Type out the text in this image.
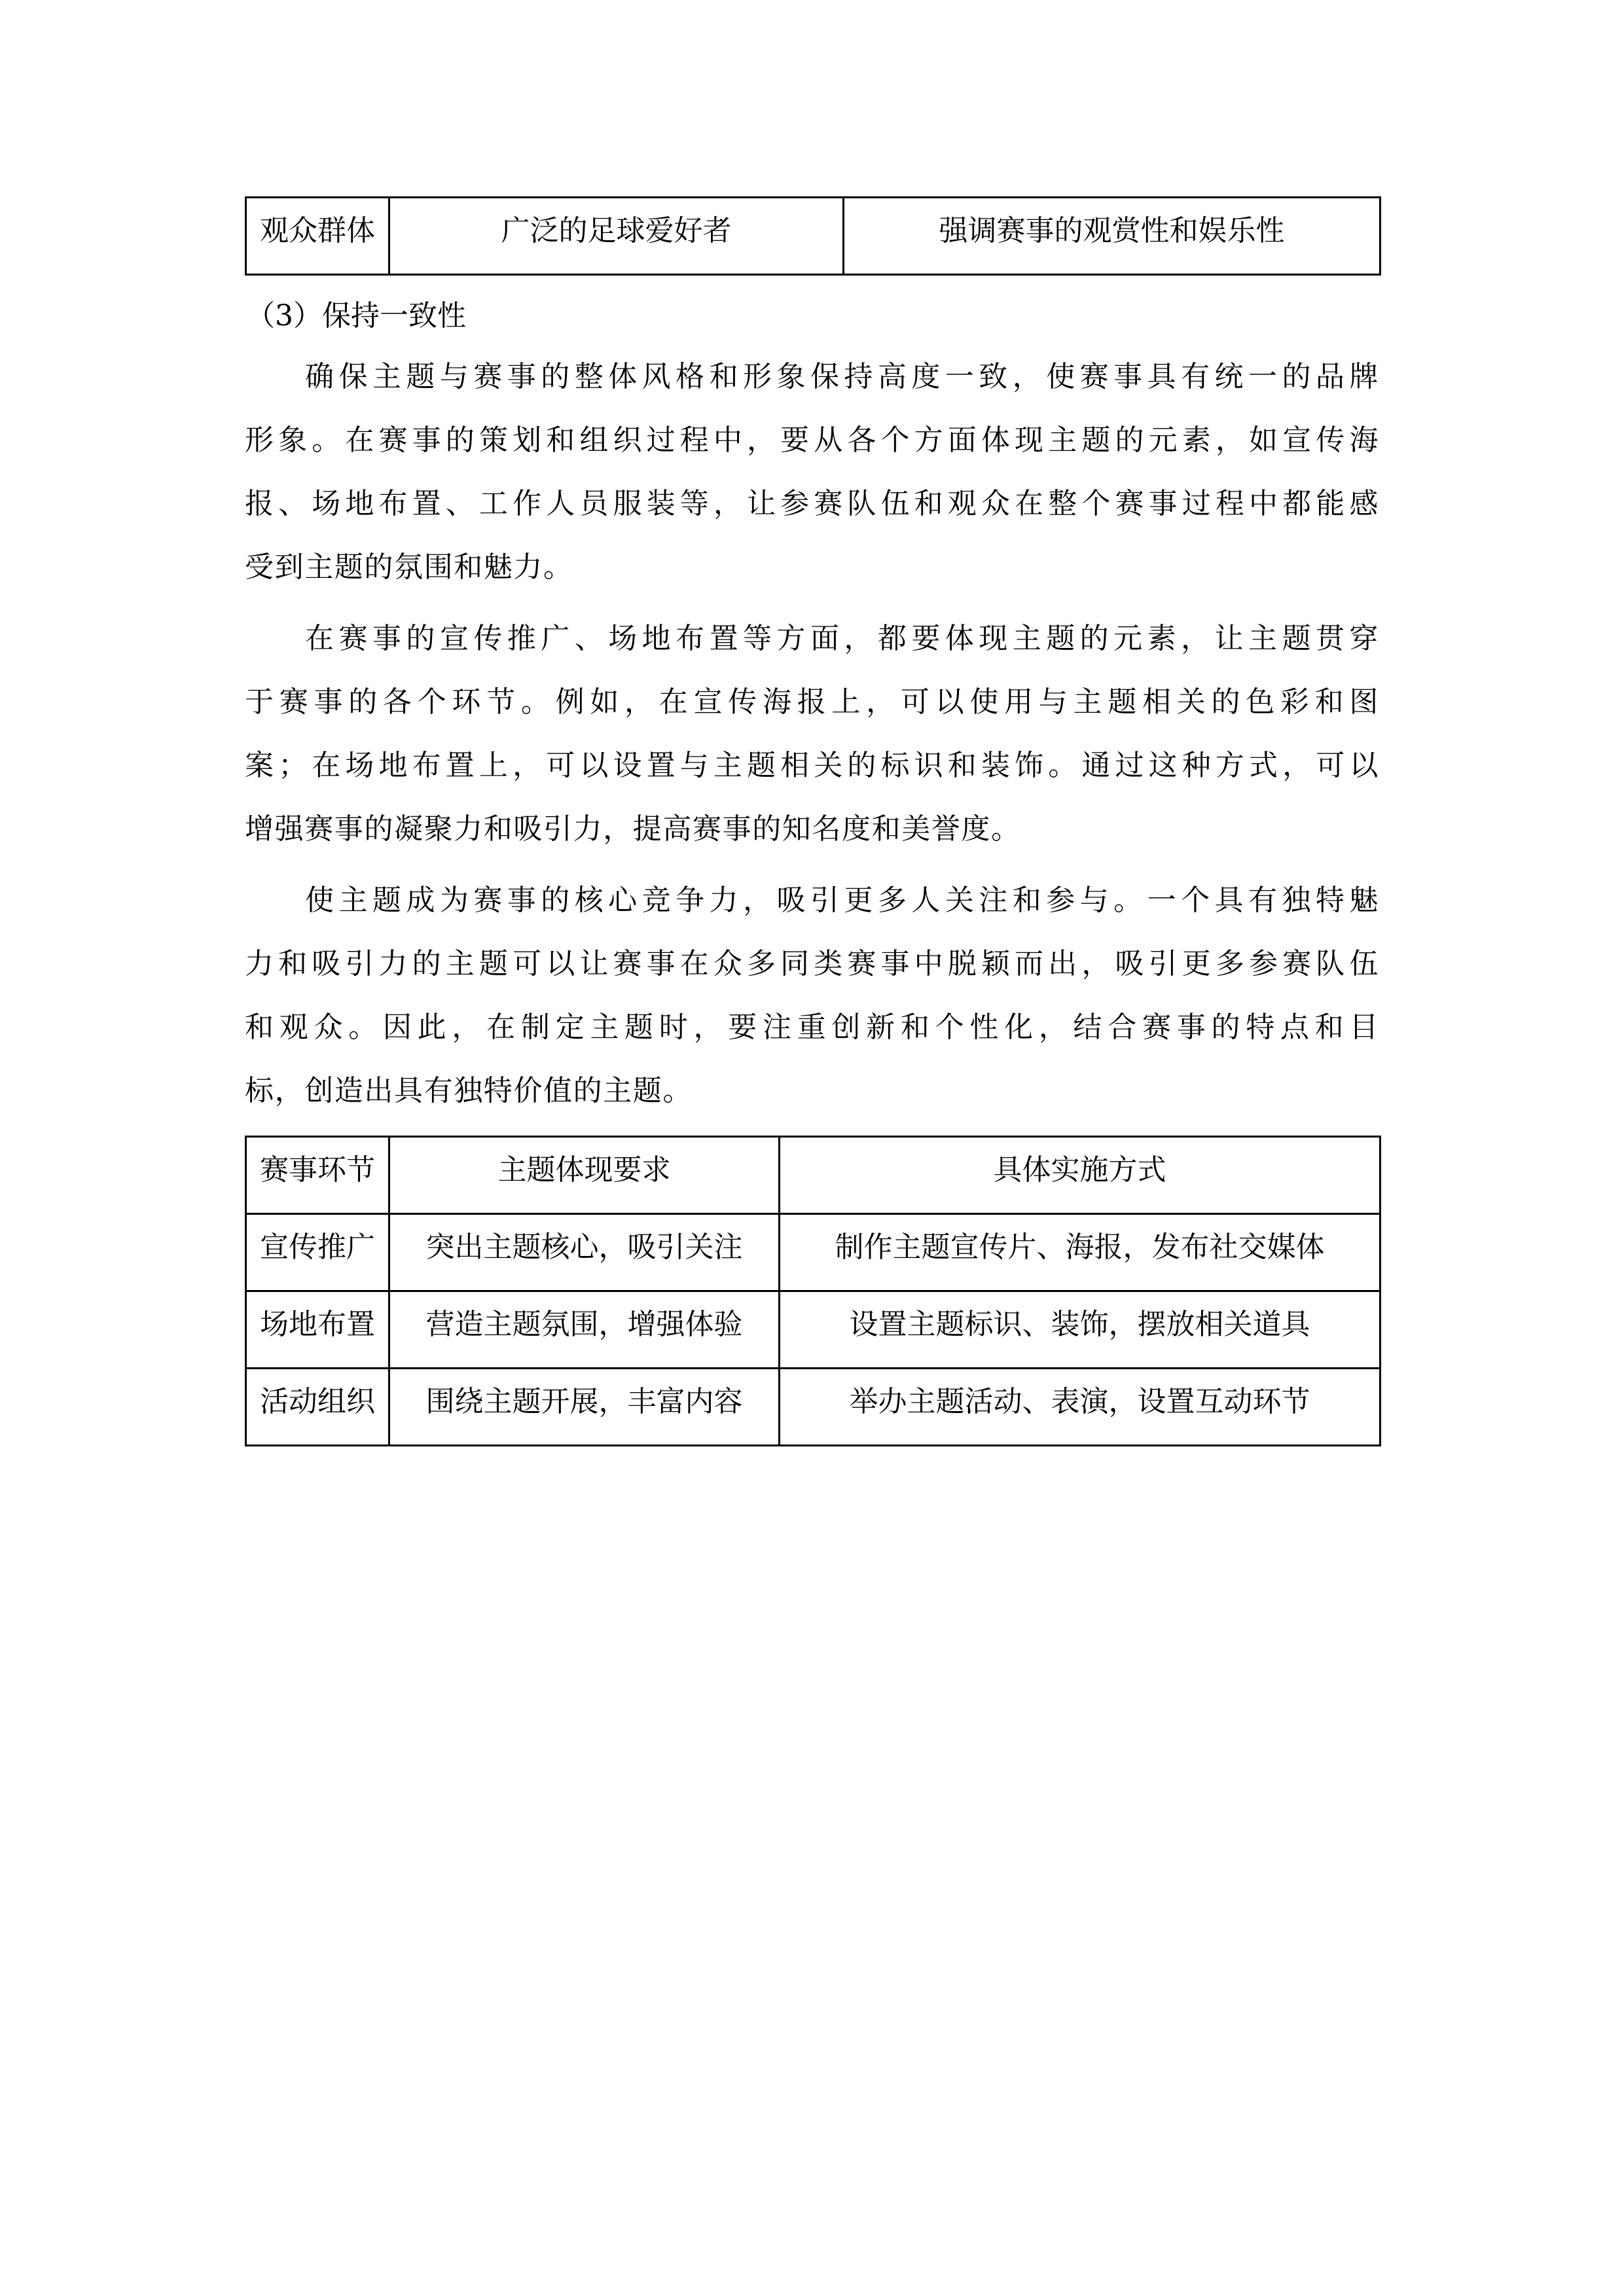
观众群体	广泛的足球爱好者	强调赛事的观赏性和娱乐性
（3）保持一致性
确保主题与赛事的整体风格和形象保持高度一致，使赛事具有统一的品牌
形象。在赛事的策划和组织过程中，要从各个方面体现主题的元素，如宣传海
报、场地布置、工作人员服装等，让参赛队伍和观众在整个赛事过程中都能感
受到主题的氛围和魅力。
在赛事的宣传推广、场地布置等方面，都要体现主题的元素，让主题贯穿
于赛事的各个环节。例如，在宣传海报上，可以使用与主题相关的色彩和图
案；在场地布置上，可以设置与主题相关的标识和装饰。通过这种方式，可以
增强赛事的凝聚力和吸引力，提高赛事的知名度和美誉度。
使主题成为赛事的核心竞争力，吸引更多人关注和参与。一个具有独特魅
力和吸引力的主题可以让赛事在众多同类赛事中脱颖而出，吸引更多参赛队伍
和观众。因此，在制定主题时，要注重创新和个性化，结合赛事的特点和目
标，创造出具有独特价值的主题。
赛事环节	主题体现要求	具体实施方式
宣传推广	突出主题核心，吸引关注	制作主题宣传片、海报，发布社交媒体
场地布置	营造主题氛围，增强体验	设置主题标识、装饰，摆放相关道具
活动组织	围绕主题开展，丰富内容	举办主题活动、表演，设置互动环节
